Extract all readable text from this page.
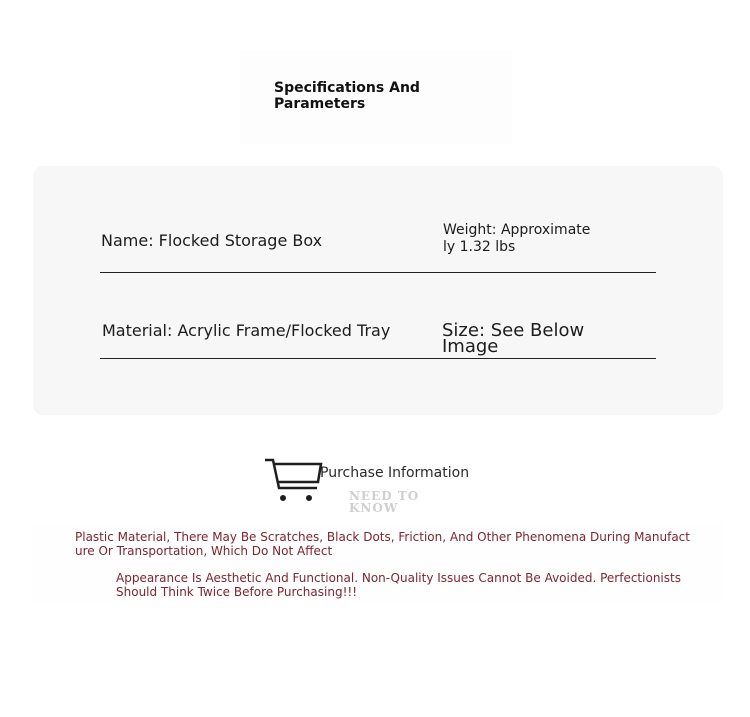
Specifications And Parameters
Name: Flocked Storage Box
Weight: Approximately 1.32 lbs
Material: Acrylic Frame/Flocked Tray	Size: See Below Image
NEED TO KNOW
Purchase Information
Plastic Material, There May Be Scratches, Black Dots, Friction, And Other Phenomena During Manufacture Or Transportation, Which Do Not Affect
Appearance Is Aesthetic And Functional. Non-Quality Issues Cannot Be Avoided. Perfectionists Should Think Twice Before Purchasing!!!
